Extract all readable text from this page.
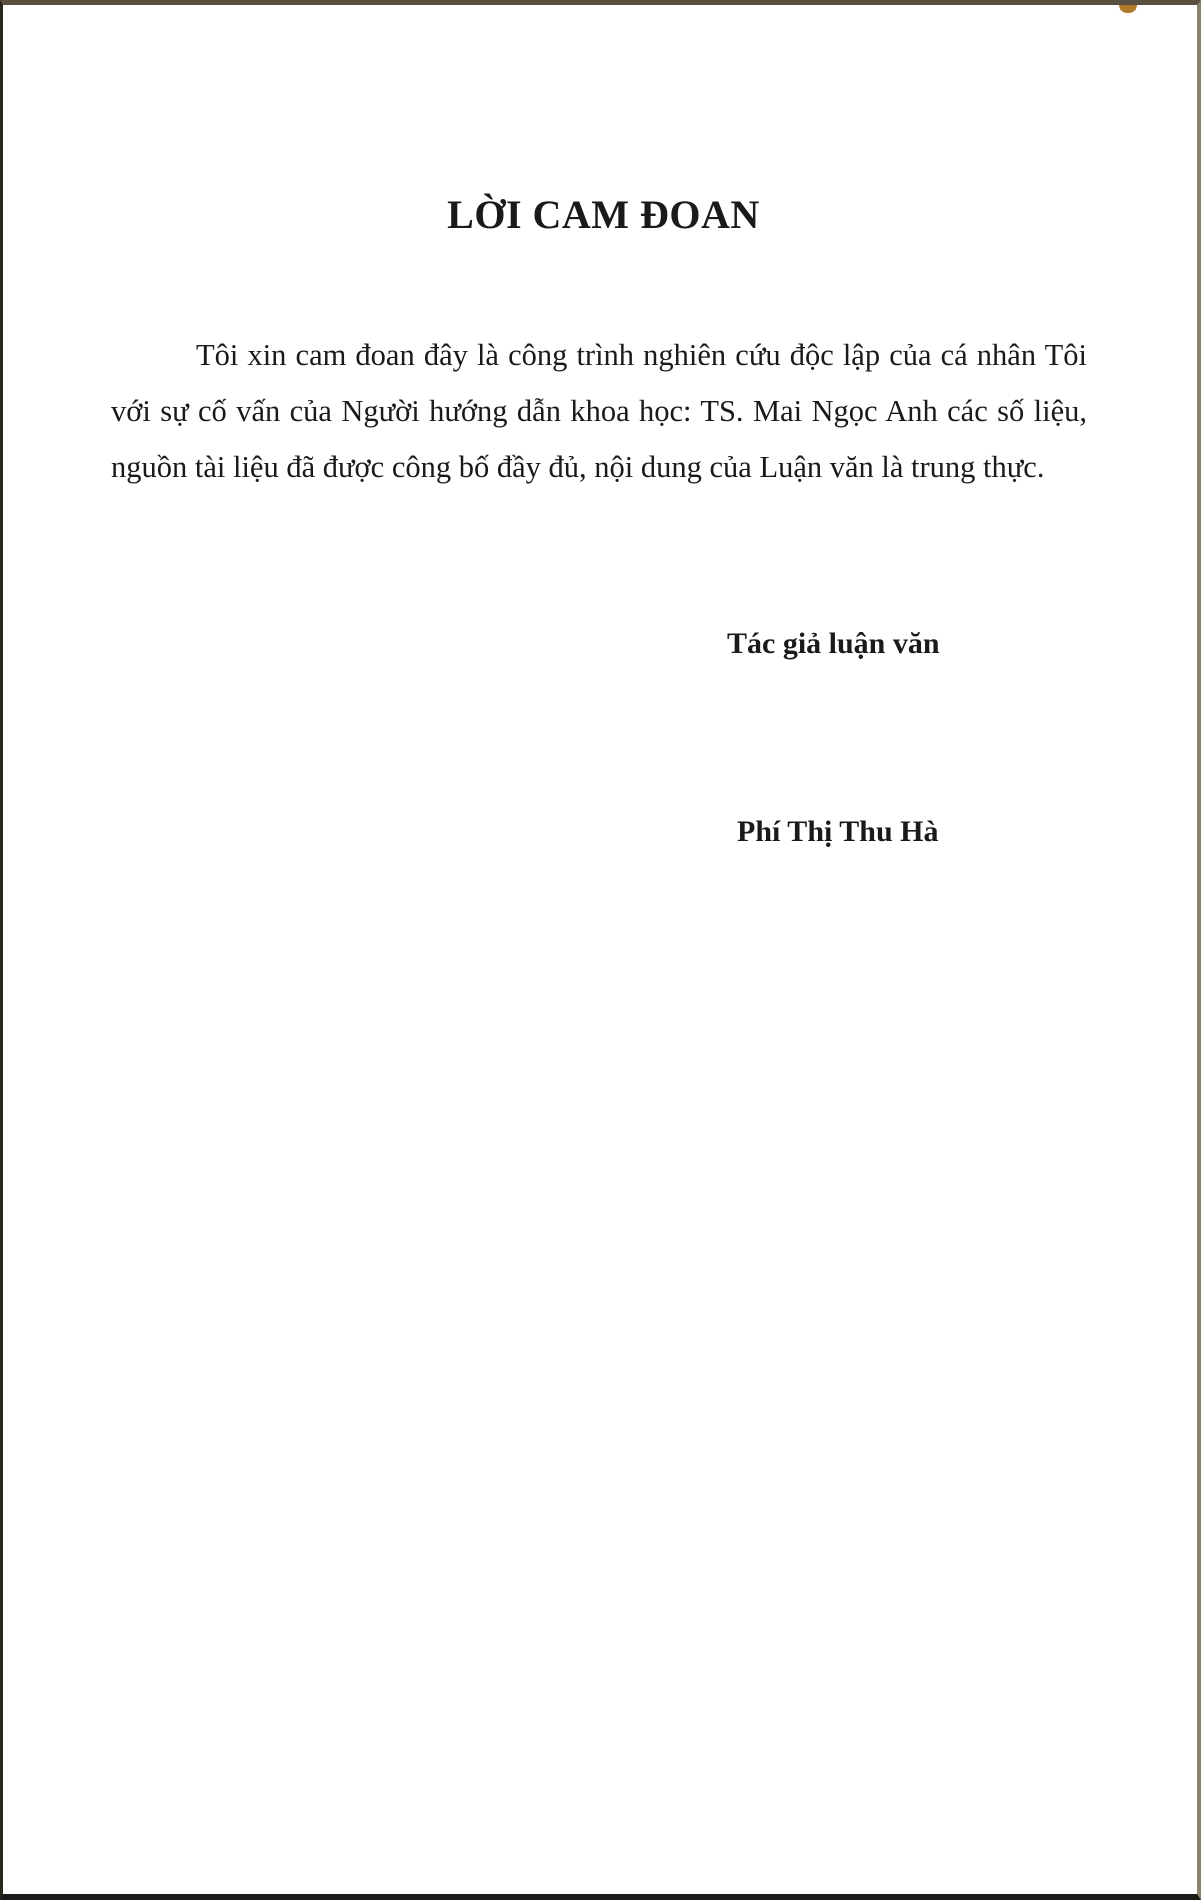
LỜI CAM ĐOAN

Tôi xin cam đoan đây là công trình nghiên cứu độc lập của cá nhân Tôi với sự cố vấn của Người hướng dẫn khoa học: TS. Mai Ngọc Anh các số liệu, nguồn tài liệu đã được công bố đầy đủ, nội dung của Luận văn là trung thực.

Tác giả luận văn

Phí Thị Thu Hà
